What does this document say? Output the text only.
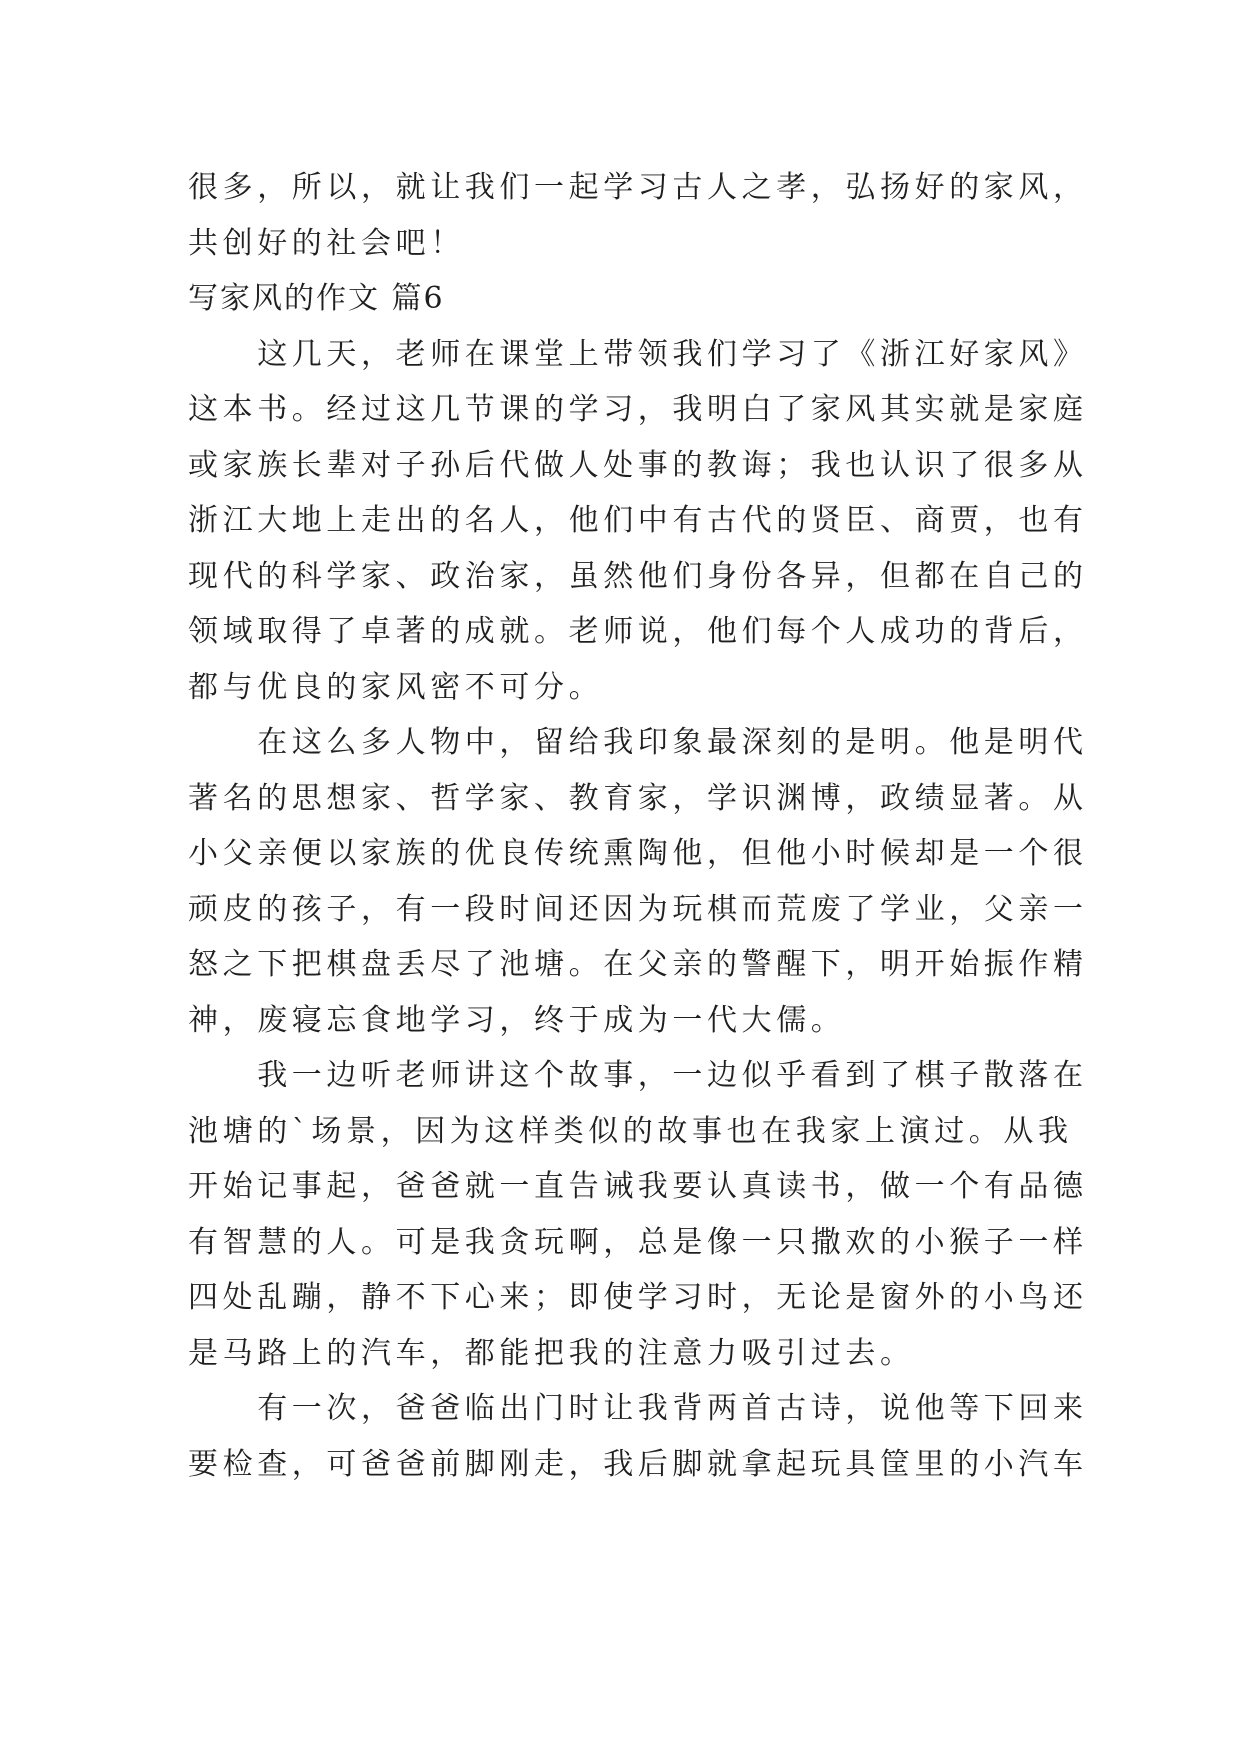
很多，所以，就让我们一起学习古人之孝，弘扬好的家风，
共创好的社会吧！
写家风的作文 篇6
　　这几天，老师在课堂上带领我们学习了《浙江好家风》
这本书。经过这几节课的学习，我明白了家风其实就是家庭
或家族长辈对子孙后代做人处事的教诲；我也认识了很多从
浙江大地上走出的名人，他们中有古代的贤臣、商贾，也有
现代的科学家、政治家，虽然他们身份各异，但都在自己的
领域取得了卓著的成就。老师说，他们每个人成功的背后，
都与优良的家风密不可分。
　　在这么多人物中，留给我印象最深刻的是明。他是明代
著名的思想家、哲学家、教育家，学识渊博，政绩显著。从
小父亲便以家族的优良传统熏陶他，但他小时候却是一个很
顽皮的孩子，有一段时间还因为玩棋而荒废了学业，父亲一
怒之下把棋盘丢尽了池塘。在父亲的警醒下，明开始振作精
神，废寝忘食地学习，终于成为一代大儒。
　　我一边听老师讲这个故事，一边似乎看到了棋子散落在
池塘的`场景，因为这样类似的故事也在我家上演过。从我
开始记事起，爸爸就一直告诫我要认真读书，做一个有品德
有智慧的人。可是我贪玩啊，总是像一只撒欢的小猴子一样
四处乱蹦，静不下心来；即使学习时，无论是窗外的小鸟还
是马路上的汽车，都能把我的注意力吸引过去。
　　有一次，爸爸临出门时让我背两首古诗，说他等下回来
要检查，可爸爸前脚刚走，我后脚就拿起玩具筐里的小汽车
